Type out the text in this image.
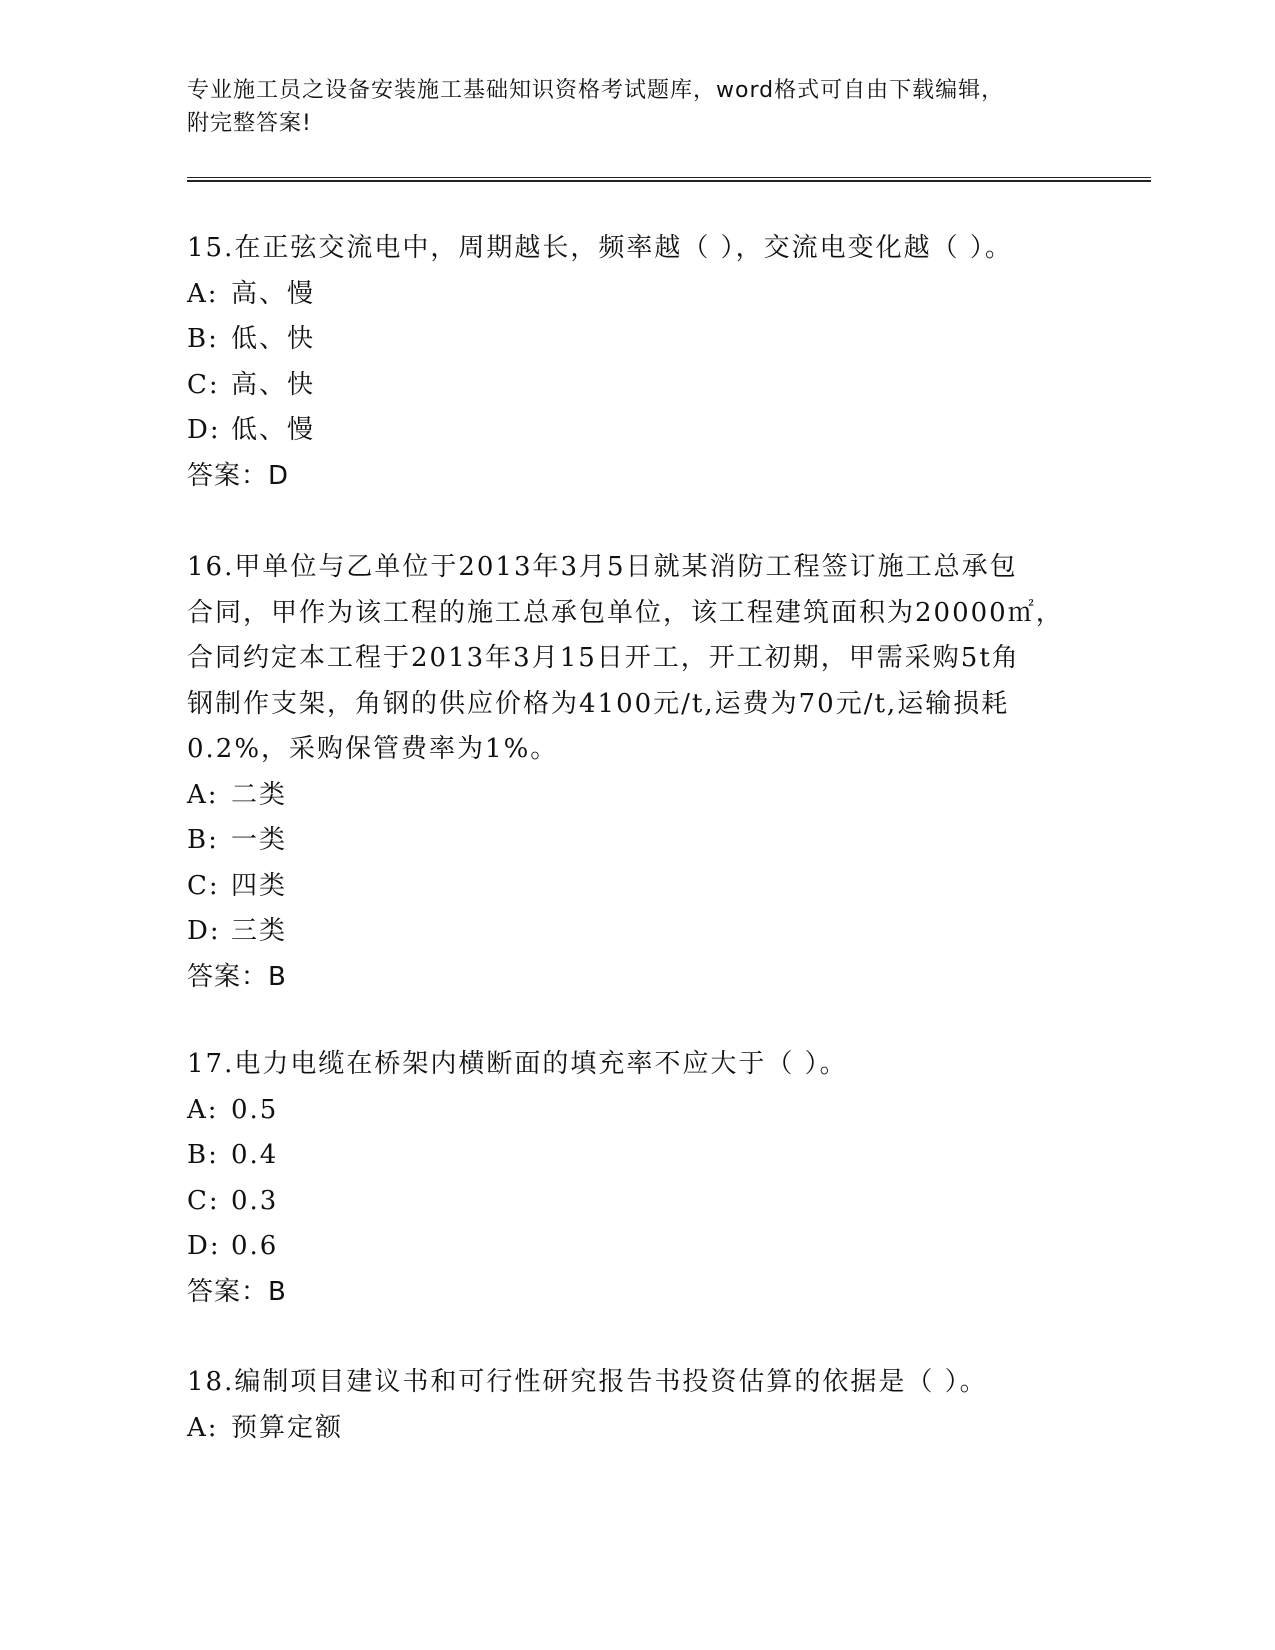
专业施工员之设备安装施工基础知识资格考试题库，word格式可自由下载编辑，
附完整答案!

15.在正弦交流电中，周期越长，频率越（ ），交流电变化越（ ）。

A: 高、慢
B: 低、快
C: 高、快
D: 低、慢
答案：D

16.甲单位与乙单位于2013年3月5日就某消防工程签订施工总承包
合同，甲作为该工程的施工总承包单位，该工程建筑面积为20000㎡，
合同约定本工程于2013年3月15日开工，开工初期，甲需采购5t角
钢制作支架，角钢的供应价格为4100元/t,运费为70元/t,运输损耗
0.2%，采购保管费率为1%。

A: 二类
B: 一类
C: 四类
D: 三类
答案：B

17.电力电缆在桥架内横断面的填充率不应大于（ ）。

A: 0.5
B: 0.4
C: 0.3
D: 0.6
答案：B

18.编制项目建议书和可行性研究报告书投资估算的依据是（ ）。

A: 预算定额
